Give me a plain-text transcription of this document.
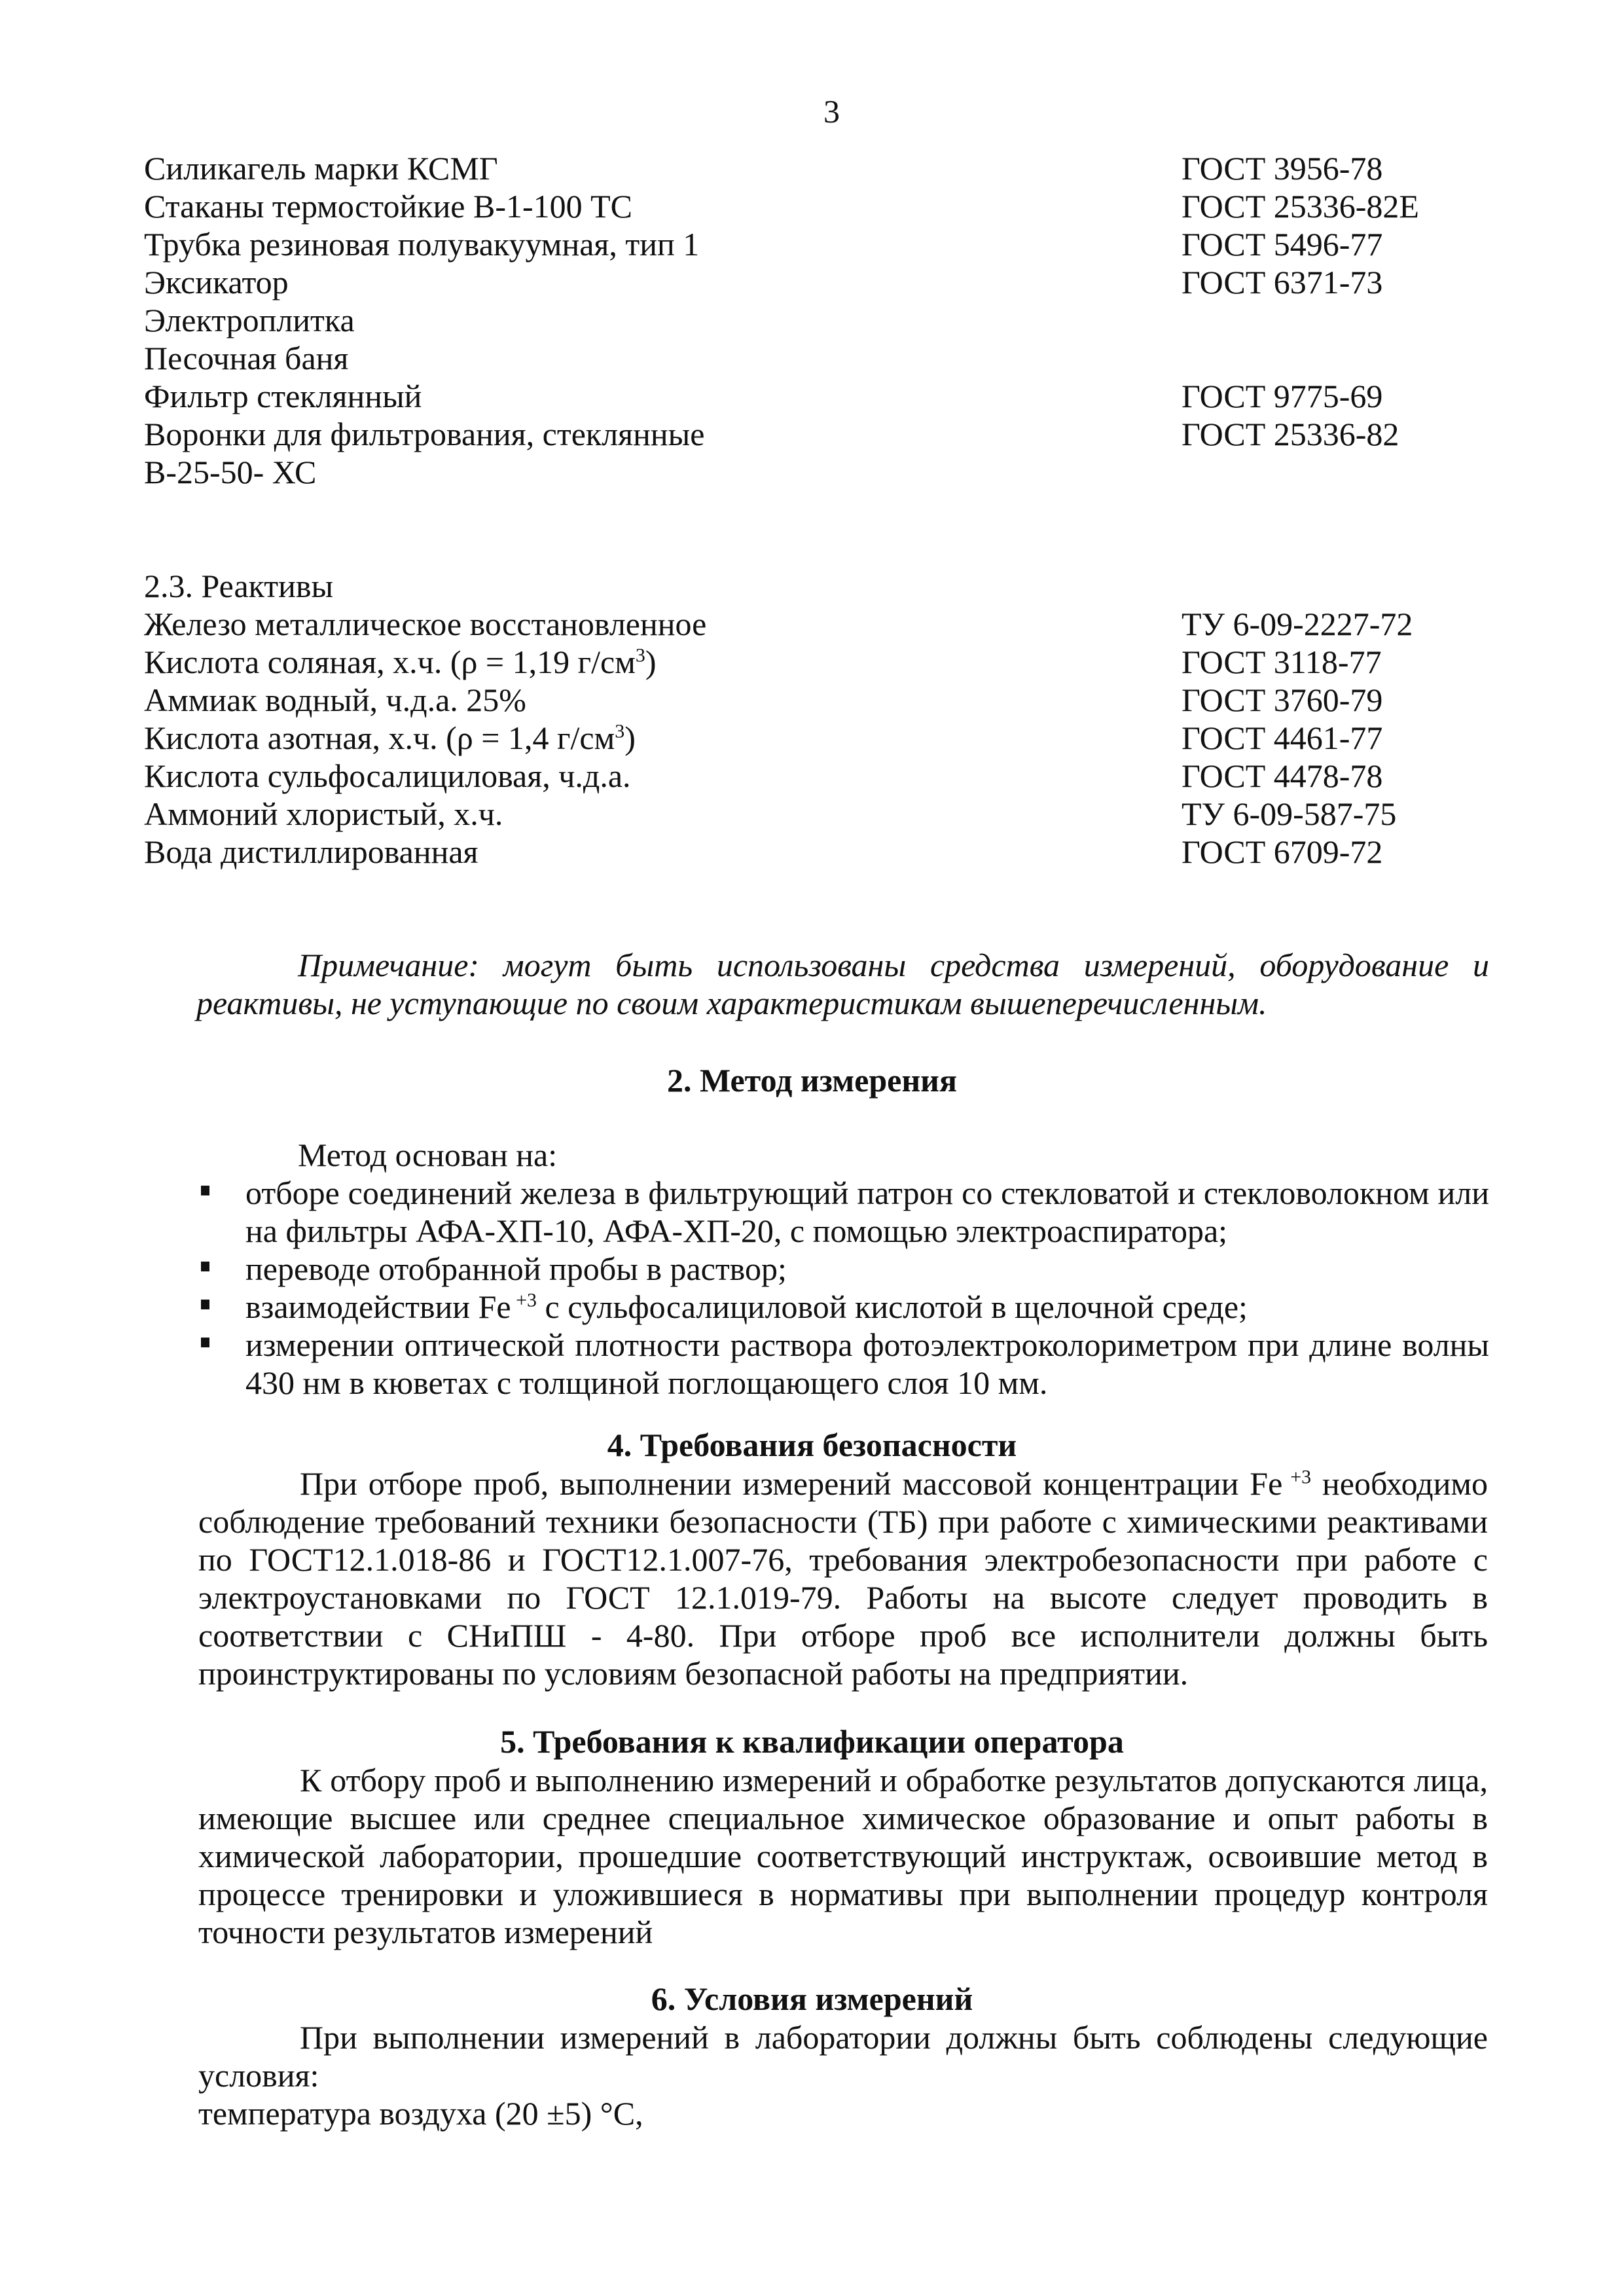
3
Силикагель марки КСМГ	ГОСТ 3956-78
Стаканы термостойкие В-1-100 ТС	ГОСТ 25336-82Е
Трубка резиновая полувакуумная, тип 1	ГОСТ 5496-77
Эксикатор	ГОСТ 6371-73
Электроплитка
Песочная баня
Фильтр стеклянный	ГОСТ 9775-69
Воронки для фильтрования, стеклянные	ГОСТ 25336-82
В-25-50- ХС
2.3. Реактивы
Железо металлическое восстановленное	ТУ 6-09-2227-72
Кислота соляная, х.ч. (ρ = 1,19 $г/см^3$)	ГОСТ 3118-77
Аммиак водный, ч.д.а. 25%	ГОСТ 3760-79
Кислота азотная, х.ч. (ρ = 1,4 $г/см^3$)	ГОСТ 4461-77
Кислота сульфосалициловая, ч.д.а.	ГОСТ 4478-78
Аммоний хлористый, х.ч.	ТУ 6-09-587-75
Вода дистиллированная	ГОСТ 6709-72
Примечание: могут быть использованы средства измерений, оборудование и реактивы, не уступающие по своим характеристикам вышеперечисленным.
2. Метод измерения
Метод основан на:
отборе соединений железа в фильтрующий патрон со стекловатой и стекловолокном или на фильтры АФА-ХП-10, АФА-ХП-20, с помощью электроаспиратора;
переводе отобранной пробы в раствор;
взаимодействии Fe $^{+3}$ с сульфосалициловой кислотой в щелочной среде;
измерении оптической плотности раствора фотоэлектроколориметром при длине волны 430 нм в кюветах с толщиной поглощающего слоя 10 мм.
4. Требования безопасности
При отборе проб, выполнении измерений массовой концентрации Fe $^{+3}$ необходимо соблюдение требований техники безопасности (ТБ) при работе с химическими реактивами по ГОСТ12.1.018-86 и ГОСТ12.1.007-76, требования электробезопасности при работе с электроустановками по ГОСТ 12.1.019-79. Работы на высоте следует проводить в соответствии с СНиПШ - 4-80. При отборе проб все исполнители должны быть проинструктированы по условиям безопасной работы на предприятии.
5. Требования к квалификации оператора
К отбору проб и выполнению измерений и обработке результатов допускаются лица, имеющие высшее или среднее специальное химическое образование и опыт работы в химической лаборатории, прошедшие соответствующий инструктаж, освоившие метод в процессе тренировки и уложившиеся в нормативы при выполнении процедур контроля точности результатов измерений
6. Условия измерений
При выполнении измерений в лаборатории должны быть соблюдены следующие условия:
температура воздуха (20 ±5) °С,
